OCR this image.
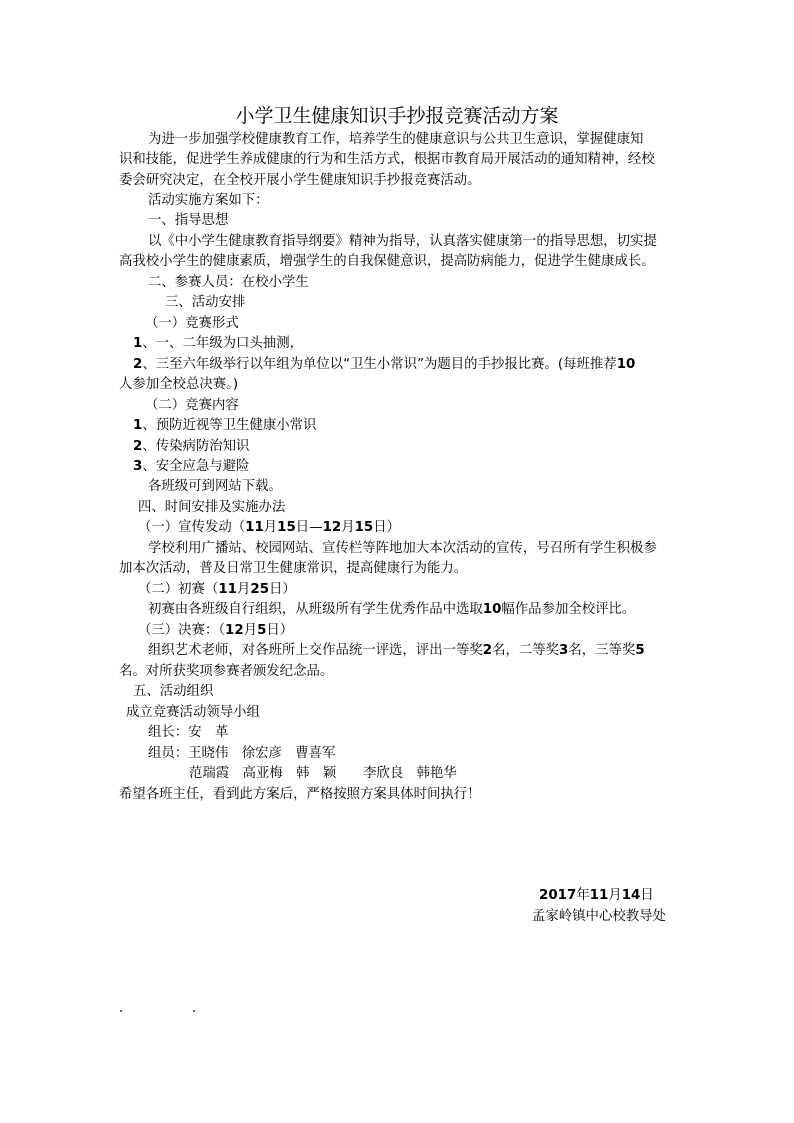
小学卫生健康知识手抄报竞赛活动方案
为进一步加强学校健康教育工作，培养学生的健康意识与公共卫生意识，掌握健康知
识和技能，促进学生养成健康的行为和生活方式，根据市教育局开展活动的通知精神，经校
委会研究决定，在全校开展小学生健康知识手抄报竞赛活动。
活动实施方案如下：
一、指导思想
以《中小学生健康教育指导纲要》精神为指导，认真落实健康第一的指导思想，切实提
高我校小学生的健康素质，增强学生的自我保健意识，提高防病能力，促进学生健康成长。
二、参赛人员：在校小学生
三、活动安排
（一）竞赛形式
1、一、二年级为口头抽测，
2、三至六年级举行以年组为单位以“卫生小常识”为题目的手抄报比赛。(每班推荐10
人参加全校总决赛。)
（二）竞赛内容
1、预防近视等卫生健康小常识
2、传染病防治知识
3、安全应急与避险
各班级可到网站下载。
四、时间安排及实施办法
（一）宣传发动（11月15日—12月15日）
学校利用广播站、校园网站、宣传栏等阵地加大本次活动的宣传，号召所有学生积极参
加本次活动，普及日常卫生健康常识，提高健康行为能力。
（二）初赛（11月25日）
初赛由各班级自行组织，从班级所有学生优秀作品中选取10幅作品参加全校评比。
（三）决赛：（12月5日）
组织艺术老师，对各班所上交作品统一评选，评出一等奖2名，二等奖3名，三等奖5
名。对所获奖项参赛者颁发纪念品。
五、活动组织
成立竞赛活动领导小组
组长：安　革
组员：王晓伟　徐宏彦　曹喜军
范瑞霞　高亚梅　韩　颖　　李欣良　韩艳华
希望各班主任，看到此方案后，严格按照方案具体时间执行！
2017年11月14日
孟家岭镇中心校教导处
